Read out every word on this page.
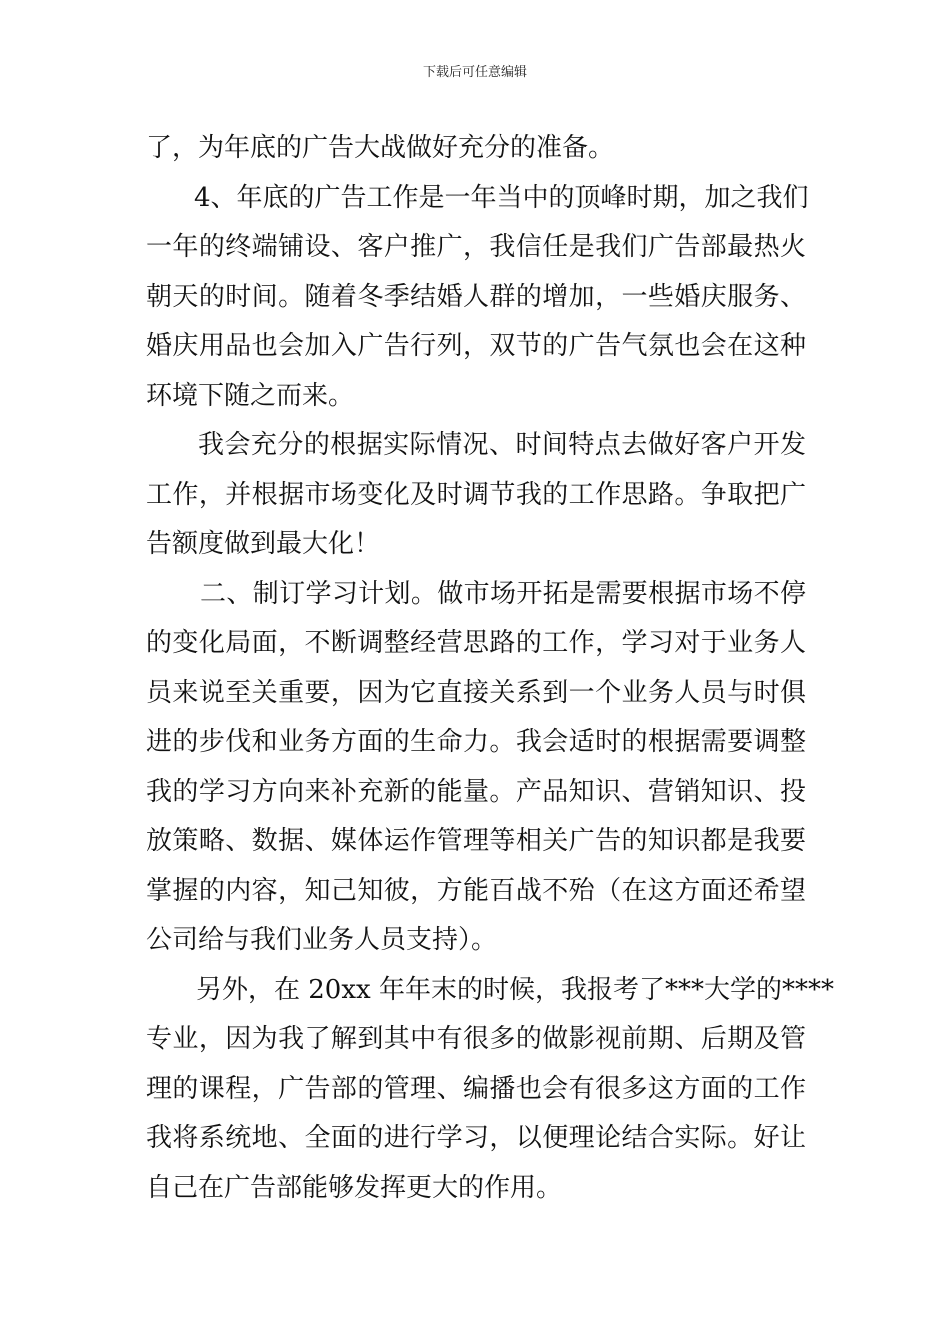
下载后可任意编辑
了，为年底的广告大战做好充分的准备。
4、年底的广告工作是一年当中的顶峰时期，加之我们
一年的终端铺设、客户推广，我信任是我们广告部最热火
朝天的时间。随着冬季结婚人群的增加，一些婚庆服务、
婚庆用品也会加入广告行列，双节的广告气氛也会在这种
环境下随之而来。
我会充分的根据实际情况、时间特点去做好客户开发
工作，并根据市场变化及时调节我的工作思路。争取把广
告额度做到最大化！
二、制订学习计划。做市场开拓是需要根据市场不停
的变化局面，不断调整经营思路的工作，学习对于业务人
员来说至关重要，因为它直接关系到一个业务人员与时俱
进的步伐和业务方面的生命力。我会适时的根据需要调整
我的学习方向来补充新的能量。产品知识、营销知识、投
放策略、数据、媒体运作管理等相关广告的知识都是我要
掌握的内容，知己知彼，方能百战不殆（在这方面还希望
公司给与我们业务人员支持）。
另外，在 20xx 年年末的时候，我报考了***大学的****
专业，因为我了解到其中有很多的做影视前期、后期及管
理的课程，广告部的管理、编播也会有很多这方面的工作
我将系统地、全面的进行学习，以便理论结合实际。好让
自己在广告部能够发挥更大的作用。
